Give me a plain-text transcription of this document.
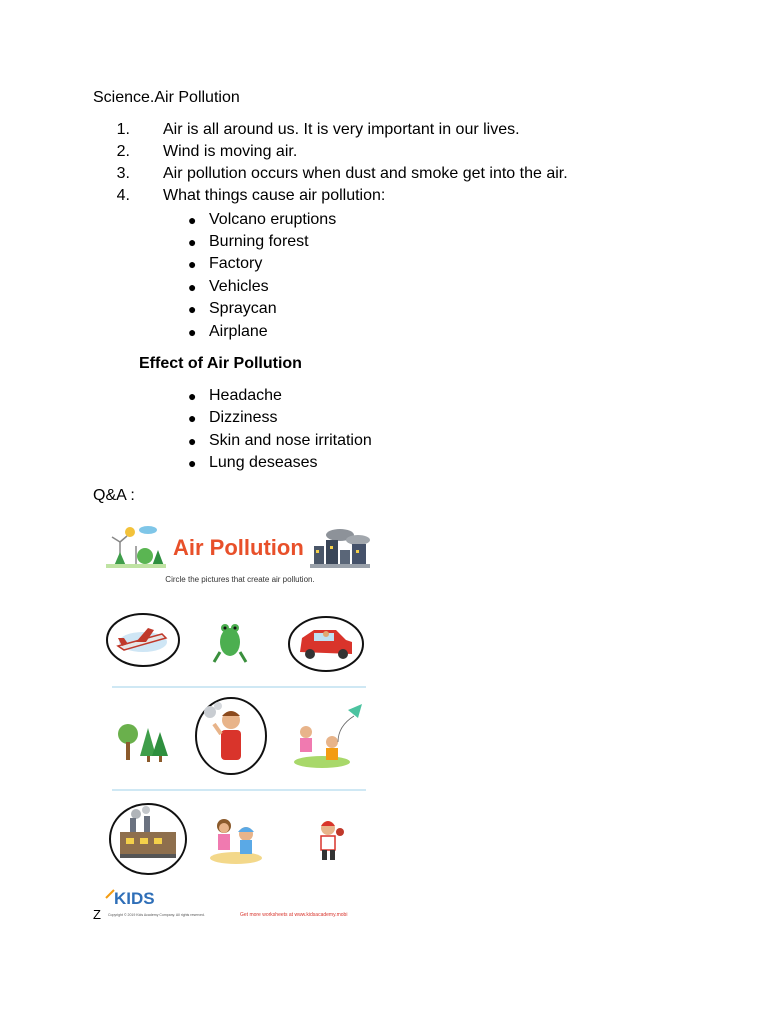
Science.Air Pollution
1. Air is all around us. It is very important in our lives.
2. Wind is moving air.
3. Air pollution occurs when dust and smoke get into the air.
4. What things cause air pollution:
● Volcano eruptions
● Burning forest
● Factory
● Vehicles
● Spraycan
● Airplane
Effect of Air Pollution
● Headache
● Dizziness
● Skin and nose irritation
● Lung deseases
Q&A :
Z
Air Pollution
Circle the pictures that create air pollution.
KIDS
Copyright © 2019 Kids Academy Company. All rights reserved.	Get more worksheets at www.kidsacademy.mobi
